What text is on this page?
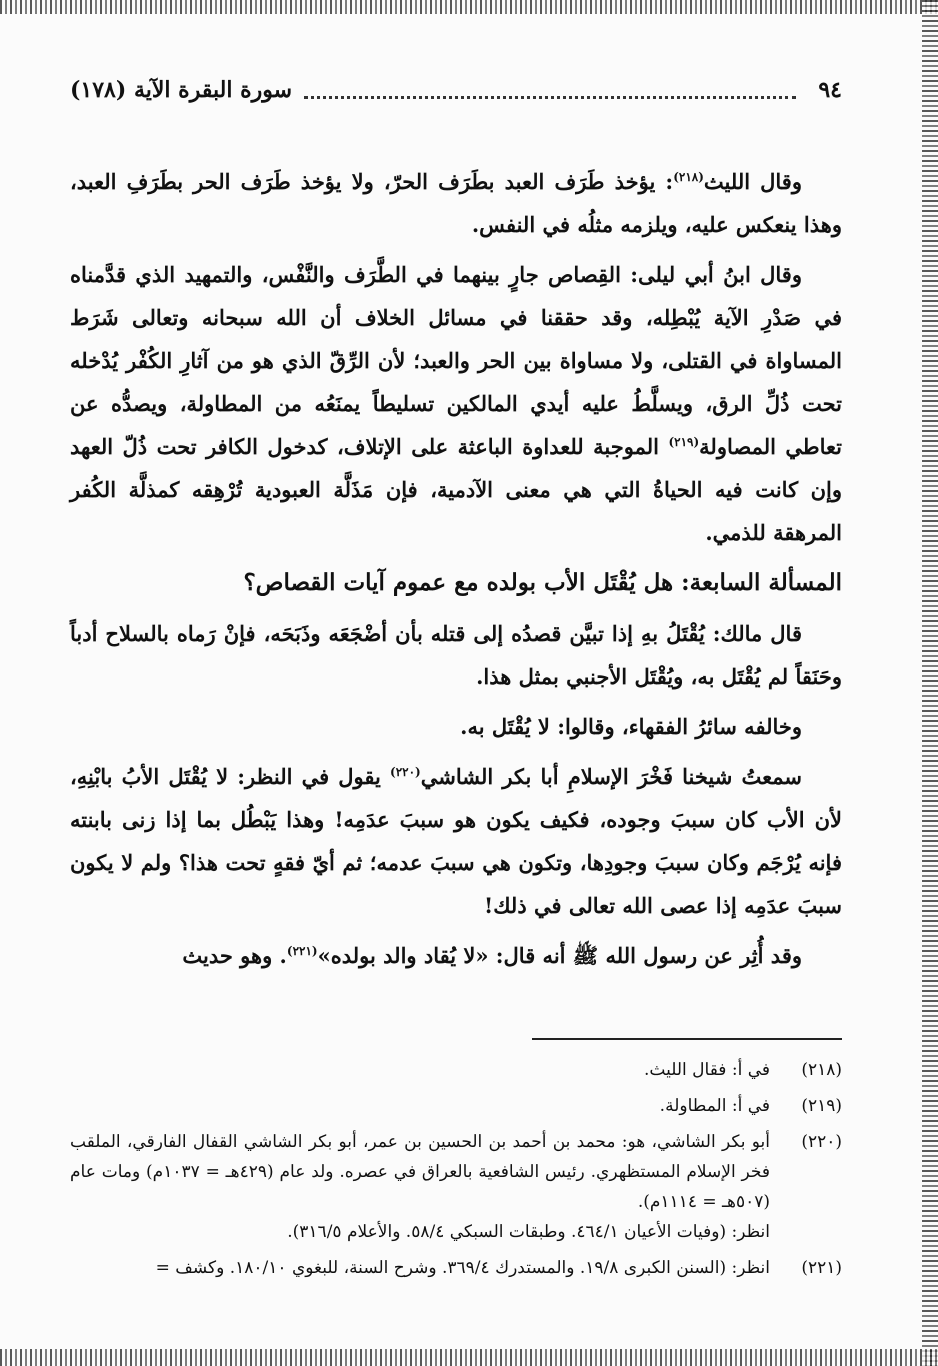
٩٤
سورة البقرة الآية (١٧٨)

وقال الليث$^{(٢١٨)}$: يؤخذ طَرَف العبد بطَرَف الحرّ، ولا يؤخذ طَرَف الحر بطَرَفِ العبد، وهذا ينعكس عليه، ويلزمه مثلُه في النفس.

وقال ابنُ أبي ليلى: القِصاص جارٍ بينهما في الطَّرَف والنَّفْس، والتمهيد الذي قدَّمناه في صَدْرِ الآية يُبْطِله، وقد حققنا في مسائل الخلاف أن الله سبحانه وتعالى شَرَط المساواة في القتلى، ولا مساواة بين الحر والعبد؛ لأن الرِّقّ الذي هو من آثارِ الكُفْر يُدْخله تحت ذُلِّ الرق، ويسلَّطُ عليه أيدي المالكين تسليطاً يمنَعُه من المطاولة، ويصدُّه عن تعاطي المصاولة$^{(٢١٩)}$ الموجبة للعداوة الباعثة على الإتلاف، كدخول الكافر تحت ذُلّ العهد وإن كانت فيه الحياةُ التي هي معنى الآدمية، فإن مَذَلَّة العبودية تُرْهِقه كمذلَّة الكُفر المرهقة للذمي.

المسألة السابعة: هل يُقْتَل الأب بولده مع عموم آيات القصاص؟

قال مالك: يُقْتَلُ بهِ إذا تبيَّن قصدُه إلى قتله بأن أضْجَعَه وذَبَحَه، فإنْ رَماه بالسلاح أدباً وحَنَقاً لم يُقْتَل به، ويُقْتَل الأجنبي بمثل هذا.

وخالفه سائرُ الفقهاء، وقالوا: لا يُقْتَل به.

سمعتُ شيخنا فَخْرَ الإسلامِ أبا بكر الشاشي$^{(٢٢٠)}$ يقول في النظر: لا يُقْتَل الأبُ بابْنِهِ، لأن الأب كان سببَ وجوده، فكيف يكون هو سببَ عدَمِه! وهذا يَبْطُل بما إذا زنى بابنته فإنه يُرْجَم وكان سببَ وجودِها، وتكون هي سببَ عدمه؛ ثم أيّ فقهٍ تحت هذا؟ ولم لا يكون سببَ عدَمِه إذا عصى الله تعالى في ذلك!

وقد أُثِر عن رسول الله ﷺ أنه قال: «لا يُقاد والد بولده»$^{(٢٢١)}$. وهو حديث

(٢١٨)
في أ: فقال الليث.
(٢١٩)
في أ: المطاولة.
(٢٢٠)
أبو بكر الشاشي، هو: محمد بن أحمد بن الحسين بن عمر، أبو بكر الشاشي القفال الفارقي، الملقب فخر الإسلام المستظهري. رئيس الشافعية بالعراق في عصره. ولد عام (٤٢٩هـ = ١٠٣٧م) ومات عام (٥٠٧هـ = ١١١٤م).
انظر: (وفيات الأعيان ٤٦٤/١. وطبقات السبكي ٥٨/٤. والأعلام ٣١٦/٥).
(٢٢١)
انظر: (السنن الكبرى ١٩/٨. والمستدرك ٣٦٩/٤. وشرح السنة، للبغوي ١٨٠/١٠. وكشف =
